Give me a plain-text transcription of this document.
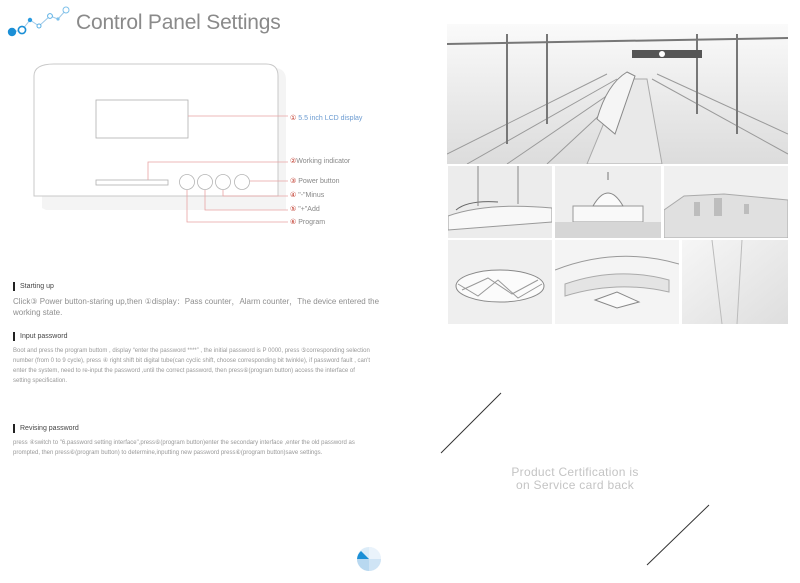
Control Panel Settings
① 5.5 inch LCD display
②Working indicator
③ Power button
④ "-"Minus
⑤ "+"Add
⑥ Program
Starting up
Click③ Power button-staring up,then ①display：Pass counter，Alarm counter，The device entered the working state.
Input password
Boot and press the program buttom , display “enter the password ****” , the initial password is P 0000, press ⑤corresponding selection number (from 0 to 9 cycle), press ④ right shift bit digital tube(can cyclic shift, choose corresponding bit twinkle), if password fault , can't enter the system, need to re-input the password ,until the correct password, then press⑥(program button) access the interface of setting specification.
Revising password
press ④switch to "6.password setting interface",press⑥(program button)enter the secondary interface ,enter the old password as prompted, then press⑥(program button) to determine,inputting new password press⑥(program button)save settings.
Product Certification is
on Service card back
